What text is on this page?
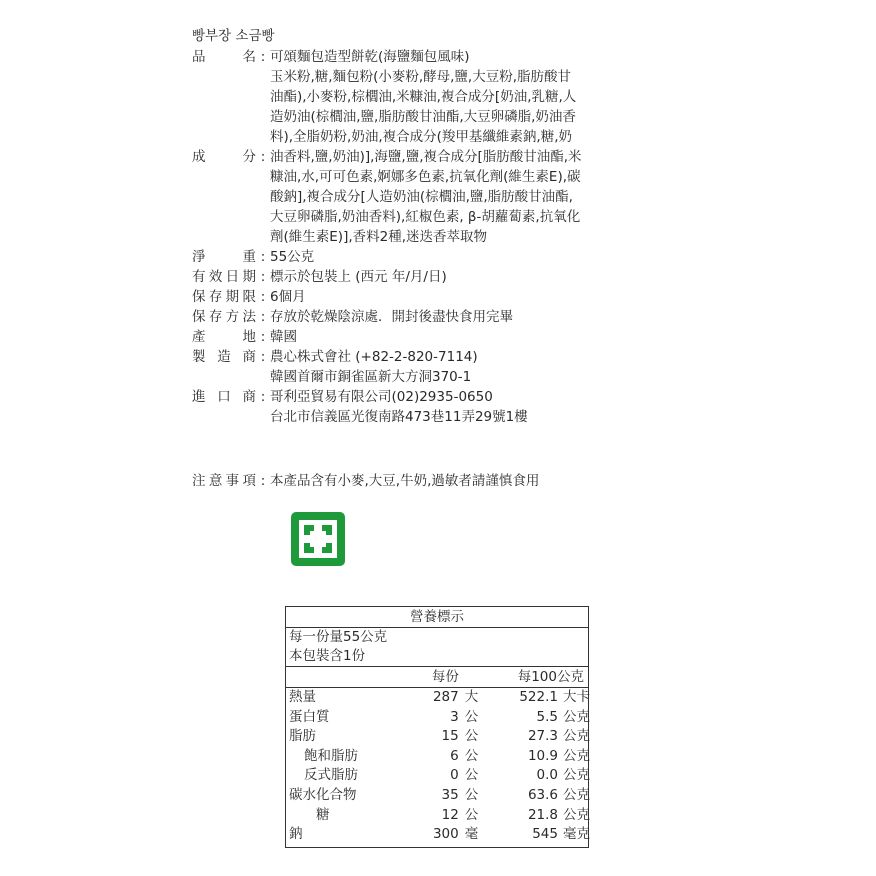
빵부장 소금빵
品	名 : 可頌麵包造型餅乾(海鹽麵包風味)
玉米粉,糖,麵包粉(小麥粉,酵母,鹽,大豆粉,脂肪酸甘
油酯),小麥粉,棕櫚油,米糠油,複合成分[奶油,乳糖,人
造奶油(棕櫚油,鹽,脂肪酸甘油酯,大豆卵磷脂,奶油香
料),全脂奶粉,奶油,複合成分(羧甲基纖維素鈉,糖,奶
成	分 : 油香料,鹽,奶油)],海鹽,鹽,複合成分[脂肪酸甘油酯,米
糠油,水,可可色素,婀娜多色素,抗氧化劑(維生素E),碳
酸鈉],複合成分[人造奶油(棕櫚油,鹽,脂肪酸甘油酯,
大豆卵磷脂,奶油香料),紅椒色素, β-胡蘿蔔素,抗氧化
劑(維生素E)],香料2種,迷迭香萃取物
淨	重 : 55公克
有 效 日 期 : 標示於包裝上 (西元 年/月/日)
保 存 期 限 : 6個月
保 存 方 法 : 存放於乾燥陰涼處．開封後盡快食用完畢
產	地 : 韓國
製 造 商 : 農心株式會社 (+82-2-820-7114)
韓國首爾市銅雀區新大方洞370-1
進 口 商 : 哥利亞貿易有限公司(02)2935-0650
台北市信義區光復南路473巷11弄29號1樓
注 意 事 項 : 本產品含有小麥,大豆,牛奶,過敏者請謹慎食用
營養標示
每一份量55公克
本包裝含1份
每份	每100公克
熱量	287 大	522.1 大卡
蛋白質	3 公	5.5 公克
脂肪	15 公	27.3 公克
飽和脂肪	6 公	10.9 公克
反式脂肪	0 公	0.0 公克
碳水化合物	35 公	63.6 公克
糖	12 公	21.8 公克
鈉	300 毫	545 毫克
